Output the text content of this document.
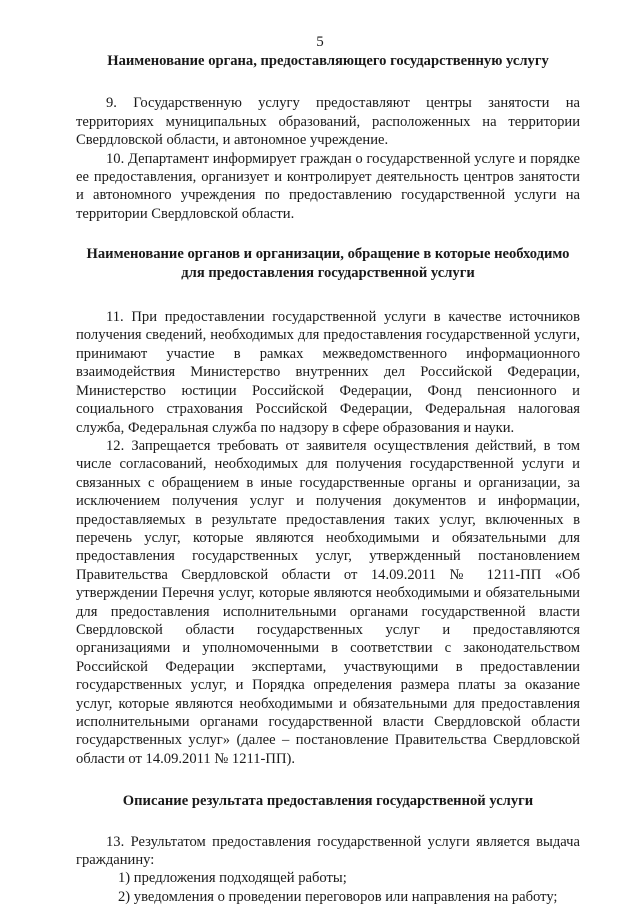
5
Наименование органа, предоставляющего государственную услугу

9. Государственную услугу предоставляют центры занятости на территориях муниципальных образований, расположенных на территории Свердловской области, и автономное учреждение.

10. Департамент информирует граждан о государственной услуге и порядке ее предоставления, организует и контролирует деятельность центров занятости и автономного учреждения по предоставлению государственной услуги на территории Свердловской области.

Наименование органов и организации, обращение в которые необходимо для предоставления государственной услуги

11. При предоставлении государственной услуги в качестве источников получения сведений, необходимых для предоставления государственной услуги, принимают участие в рамках межведомственного информационного взаимодействия Министерство внутренних дел Российской Федерации, Министерство юстиции Российской Федерации, Фонд пенсионного и социального страхования Российской Федерации, Федеральная налоговая служба, Федеральная служба по надзору в сфере образования и науки.

12. Запрещается требовать от заявителя осуществления действий, в том числе согласований, необходимых для получения государственной услуги и связанных с обращением в иные государственные органы и организации, за исключением получения услуг и получения документов и информации, предоставляемых в результате предоставления таких услуг, включенных в перечень услуг, которые являются необходимыми и обязательными для предоставления государственных услуг, утвержденный постановлением Правительства Свердловской области от 14.09.2011 № 1211-ПП «Об утверждении Перечня услуг, которые являются необходимыми и обязательными для предоставления исполнительными органами государственной власти Свердловской области государственных услуг и предоставляются организациями и уполномоченными в соответствии с законодательством Российской Федерации экспертами, участвующими в предоставлении государственных услуг, и Порядка определения размера платы за оказание услуг, которые являются необходимыми и обязательными для предоставления исполнительными органами государственной власти Свердловской области государственных услуг» (далее – постановление Правительства Свердловской области от 14.09.2011 № 1211-ПП).

Описание результата предоставления государственной услуги

13. Результатом предоставления государственной услуги является выдача гражданину:

1) предложения подходящей работы;

2) уведомления о проведении переговоров или направления на работу;
